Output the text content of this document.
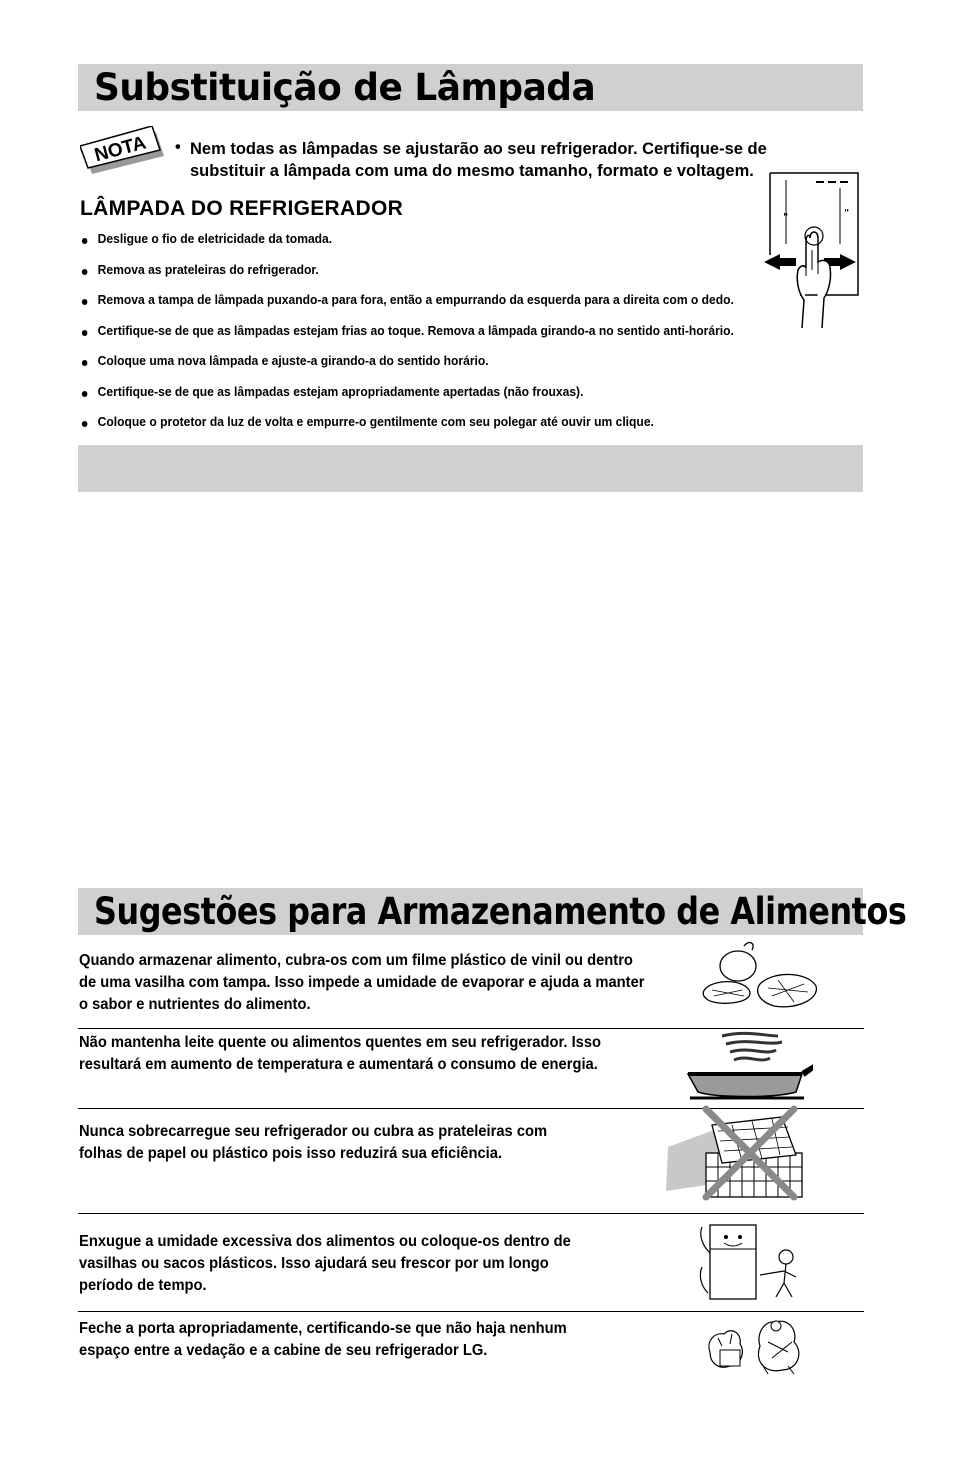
Substituição de Lâmpada
NOTA • Nem todas as lâmpadas se ajustarão ao seu refrigerador. Certifique-se de substituir a lâmpada com uma do mesmo tamanho, formato e voltagem.
LÂMPADA DO REFRIGERADOR
Desligue o fio de eletricidade da tomada.
Remova as prateleiras do refrigerador.
Remova a tampa de lâmpada puxando-a para fora, então a empurrando da esquerda para a direita com o dedo.
Certifique-se de que as lâmpadas estejam frias ao toque. Remova a lâmpada girando-a no sentido anti-horário.
Coloque uma nova lâmpada e ajuste-a girando-a do sentido horário.
Certifique-se de que as lâmpadas estejam apropriadamente apertadas (não frouxas).
Coloque o protetor da luz de volta e empurre-o gentilmente com seu polegar até ouvir um clique.
"	"
Sugestões para Armazenamento de Alimentos

Quando armazenar alimento, cubra-os com um filme plástico de vinil ou dentro de uma vasilha com tampa. Isso impede a umidade de evaporar e ajuda a manter o sabor e nutrientes do alimento.

Não mantenha leite quente ou alimentos quentes em seu refrigerador. Isso resultará em aumento de temperatura e aumentará o consumo de energia.

Nunca sobrecarregue seu refrigerador ou cubra as prateleiras com folhas de papel ou plástico pois isso reduzirá sua eficiência.

Enxugue a umidade excessiva dos alimentos ou coloque-os dentro de vasilhas ou sacos plásticos. Isso ajudará seu frescor por um longo período de tempo.

Feche a porta apropriadamente, certificando-se que não haja nenhum espaço entre a vedação e a cabine de seu refrigerador LG.
